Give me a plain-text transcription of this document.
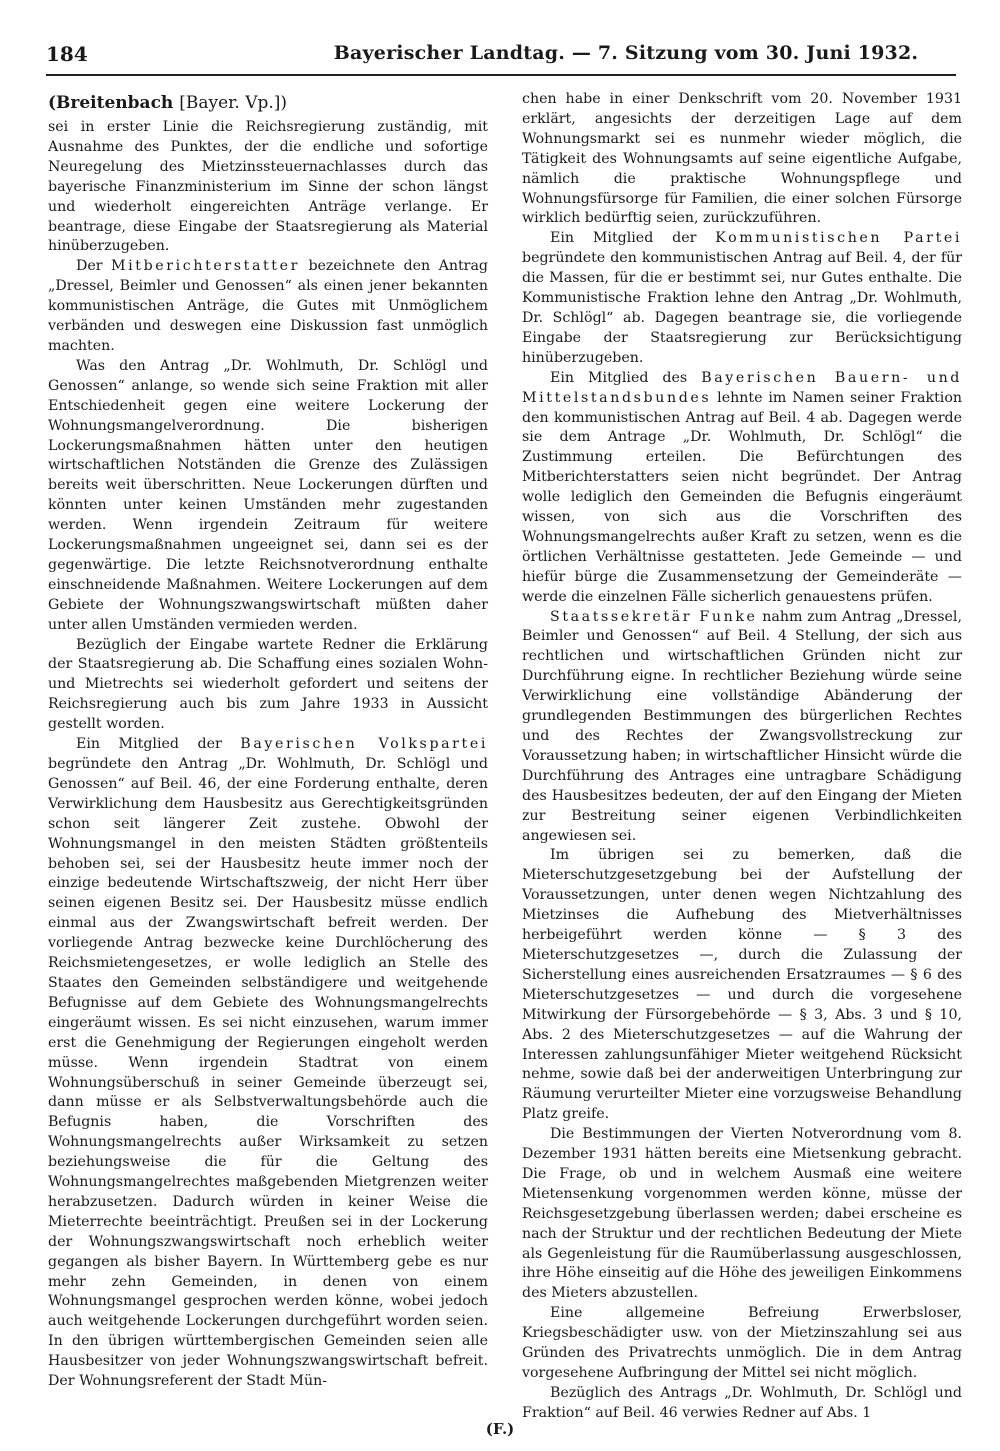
184	Bayerischer Landtag. — 7. Sitzung vom 30. Juni 1932.
(Breitenbach [Bayer. Vp.])

sei in erster Linie die Reichsregierung zuständig, mit Ausnahme des Punktes, der die endliche und sofortige Neuregelung des Mietzinssteuernachlasses durch das bayerische Finanzministerium im Sinne der schon längst und wiederholt eingereichten Anträge verlange. Er beantrage, diese Eingabe der Staatsregierung als Material hinüberzugeben.

Der Mitberichterstatter bezeichnete den Antrag „Dressel, Beimler und Genossen“ als einen jener bekannten kommunistischen Anträge, die Gutes mit Unmöglichem verbänden und deswegen eine Diskussion fast unmöglich machten.

Was den Antrag „Dr. Wohlmuth, Dr. Schlögl und Genossen“ anlange, so wende sich seine Fraktion mit aller Entschiedenheit gegen eine weitere Lockerung der Wohnungsmangelverordnung. Die bisherigen Lockerungsmaßnahmen hätten unter den heutigen wirtschaftlichen Notständen die Grenze des Zulässigen bereits weit überschritten. Neue Lockerungen dürften und könnten unter keinen Umständen mehr zugestanden werden. Wenn irgendein Zeitraum für weitere Lockerungsmaßnahmen ungeeignet sei, dann sei es der gegenwärtige. Die letzte Reichsnotverordnung enthalte einschneidende Maßnahmen. Weitere Lockerungen auf dem Gebiete der Wohnungszwangswirtschaft müßten daher unter allen Umständen vermieden werden.

Bezüglich der Eingabe wartete Redner die Erklärung der Staatsregierung ab. Die Schaffung eines sozialen Wohn- und Mietrechts sei wiederholt gefordert und seitens der Reichsregierung auch bis zum Jahre 1933 in Aussicht gestellt worden.

Ein Mitglied der Bayerischen Volkspartei begründete den Antrag „Dr. Wohlmuth, Dr. Schlögl und Genossen“ auf Beil. 46, der eine Forderung enthalte, deren Verwirklichung dem Hausbesitz aus Gerechtigkeitsgründen schon seit längerer Zeit zustehe. Obwohl der Wohnungsmangel in den meisten Städten größtenteils behoben sei, sei der Hausbesitz heute immer noch der einzige bedeutende Wirtschaftszweig, der nicht Herr über seinen eigenen Besitz sei. Der Hausbesitz müsse endlich einmal aus der Zwangswirtschaft befreit werden. Der vorliegende Antrag bezwecke keine Durchlöcherung des Reichsmietengesetzes, er wolle lediglich an Stelle des Staates den Gemeinden selbständigere und weitgehende Befugnisse auf dem Gebiete des Wohnungsmangelrechts eingeräumt wissen. Es sei nicht einzusehen, warum immer erst die Genehmigung der Regierungen eingeholt werden müsse. Wenn irgendein Stadtrat von einem Wohnungsüberschuß in seiner Gemeinde überzeugt sei, dann müsse er als Selbstverwaltungsbehörde auch die Befugnis haben, die Vorschriften des Wohnungsmangelrechts außer Wirksamkeit zu setzen beziehungsweise die für die Geltung des Wohnungsmangelrechtes maßgebenden Mietgrenzen weiter herabzusetzen. Dadurch würden in keiner Weise die Mieterrechte beeinträchtigt. Preußen sei in der Lockerung der Wohnungszwangswirtschaft noch erheblich weiter gegangen als bisher Bayern. In Württemberg gebe es nur mehr zehn Gemeinden, in denen von einem Wohnungsmangel gesprochen werden könne, wobei jedoch auch weitgehende Lockerungen durchgeführt worden seien. In den übrigen württembergischen Gemeinden seien alle Hausbesitzer von jeder Wohnungszwangswirtschaft befreit. Der Wohnungsreferent der Stadt Mün-

chen habe in einer Denkschrift vom 20. November 1931 erklärt, angesichts der derzeitigen Lage auf dem Wohnungsmarkt sei es nunmehr wieder möglich, die Tätigkeit des Wohnungsamts auf seine eigentliche Aufgabe, nämlich die praktische Wohnungspflege und Wohnungsfürsorge für Familien, die einer solchen Fürsorge wirklich bedürftig seien, zurückzuführen.

Ein Mitglied der Kommunistischen Partei begründete den kommunistischen Antrag auf Beil. 4, der für die Massen, für die er bestimmt sei, nur Gutes enthalte. Die Kommunistische Fraktion lehne den Antrag „Dr. Wohlmuth, Dr. Schlögl“ ab. Dagegen beantrage sie, die vorliegende Eingabe der Staatsregierung zur Berücksichtigung hinüberzugeben.

Ein Mitglied des Bayerischen Bauern- und Mittelstandsbundes lehnte im Namen seiner Fraktion den kommunistischen Antrag auf Beil. 4 ab. Dagegen werde sie dem Antrage „Dr. Wohlmuth, Dr. Schlögl“ die Zustimmung erteilen. Die Befürchtungen des Mitberichterstatters seien nicht begründet. Der Antrag wolle lediglich den Gemeinden die Befugnis eingeräumt wissen, von sich aus die Vorschriften des Wohnungsmangelrechts außer Kraft zu setzen, wenn es die örtlichen Verhältnisse gestatteten. Jede Gemeinde — und hiefür bürge die Zusammensetzung der Gemeinderäte — werde die einzelnen Fälle sicherlich genauestens prüfen.

Staatssekretär Funke nahm zum Antrag „Dressel, Beimler und Genossen“ auf Beil. 4 Stellung, der sich aus rechtlichen und wirtschaftlichen Gründen nicht zur Durchführung eigne. In rechtlicher Beziehung würde seine Verwirklichung eine vollständige Abänderung der grundlegenden Bestimmungen des bürgerlichen Rechtes und des Rechtes der Zwangsvollstreckung zur Voraussetzung haben; in wirtschaftlicher Hinsicht würde die Durchführung des Antrages eine untragbare Schädigung des Hausbesitzes bedeuten, der auf den Eingang der Mieten zur Bestreitung seiner eigenen Verbindlichkeiten angewiesen sei.

Im übrigen sei zu bemerken, daß die Mieterschutzgesetzgebung bei der Aufstellung der Voraussetzungen, unter denen wegen Nichtzahlung des Mietzinses die Aufhebung des Mietverhältnisses herbeigeführt werden könne — § 3 des Mieterschutzgesetzes —, durch die Zulassung der Sicherstellung eines ausreichenden Ersatzraumes — § 6 des Mieterschutzgesetzes — und durch die vorgesehene Mitwirkung der Fürsorgebehörde — § 3, Abs. 3 und § 10, Abs. 2 des Mieterschutzgesetzes — auf die Wahrung der Interessen zahlungsunfähiger Mieter weitgehend Rücksicht nehme, sowie daß bei der anderweitigen Unterbringung zur Räumung verurteilter Mieter eine vorzugsweise Behandlung Platz greife.

Die Bestimmungen der Vierten Notverordnung vom 8. Dezember 1931 hätten bereits eine Mietsenkung gebracht. Die Frage, ob und in welchem Ausmaß eine weitere Mietensenkung vorgenommen werden könne, müsse der Reichsgesetzgebung überlassen werden; dabei erscheine es nach der Struktur und der rechtlichen Bedeutung der Miete als Gegenleistung für die Raumüberlassung ausgeschlossen, ihre Höhe einseitig auf die Höhe des jeweiligen Einkommens des Mieters abzustellen.

Eine allgemeine Befreiung Erwerbsloser, Kriegsbeschädigter usw. von der Mietzinszahlung sei aus Gründen des Privatrechts unmöglich. Die in dem Antrag vorgesehene Aufbringung der Mittel sei nicht möglich.

Bezüglich des Antrags „Dr. Wohlmuth, Dr. Schlögl und Fraktion“ auf Beil. 46 verwies Redner auf Abs. 1

(F.)
